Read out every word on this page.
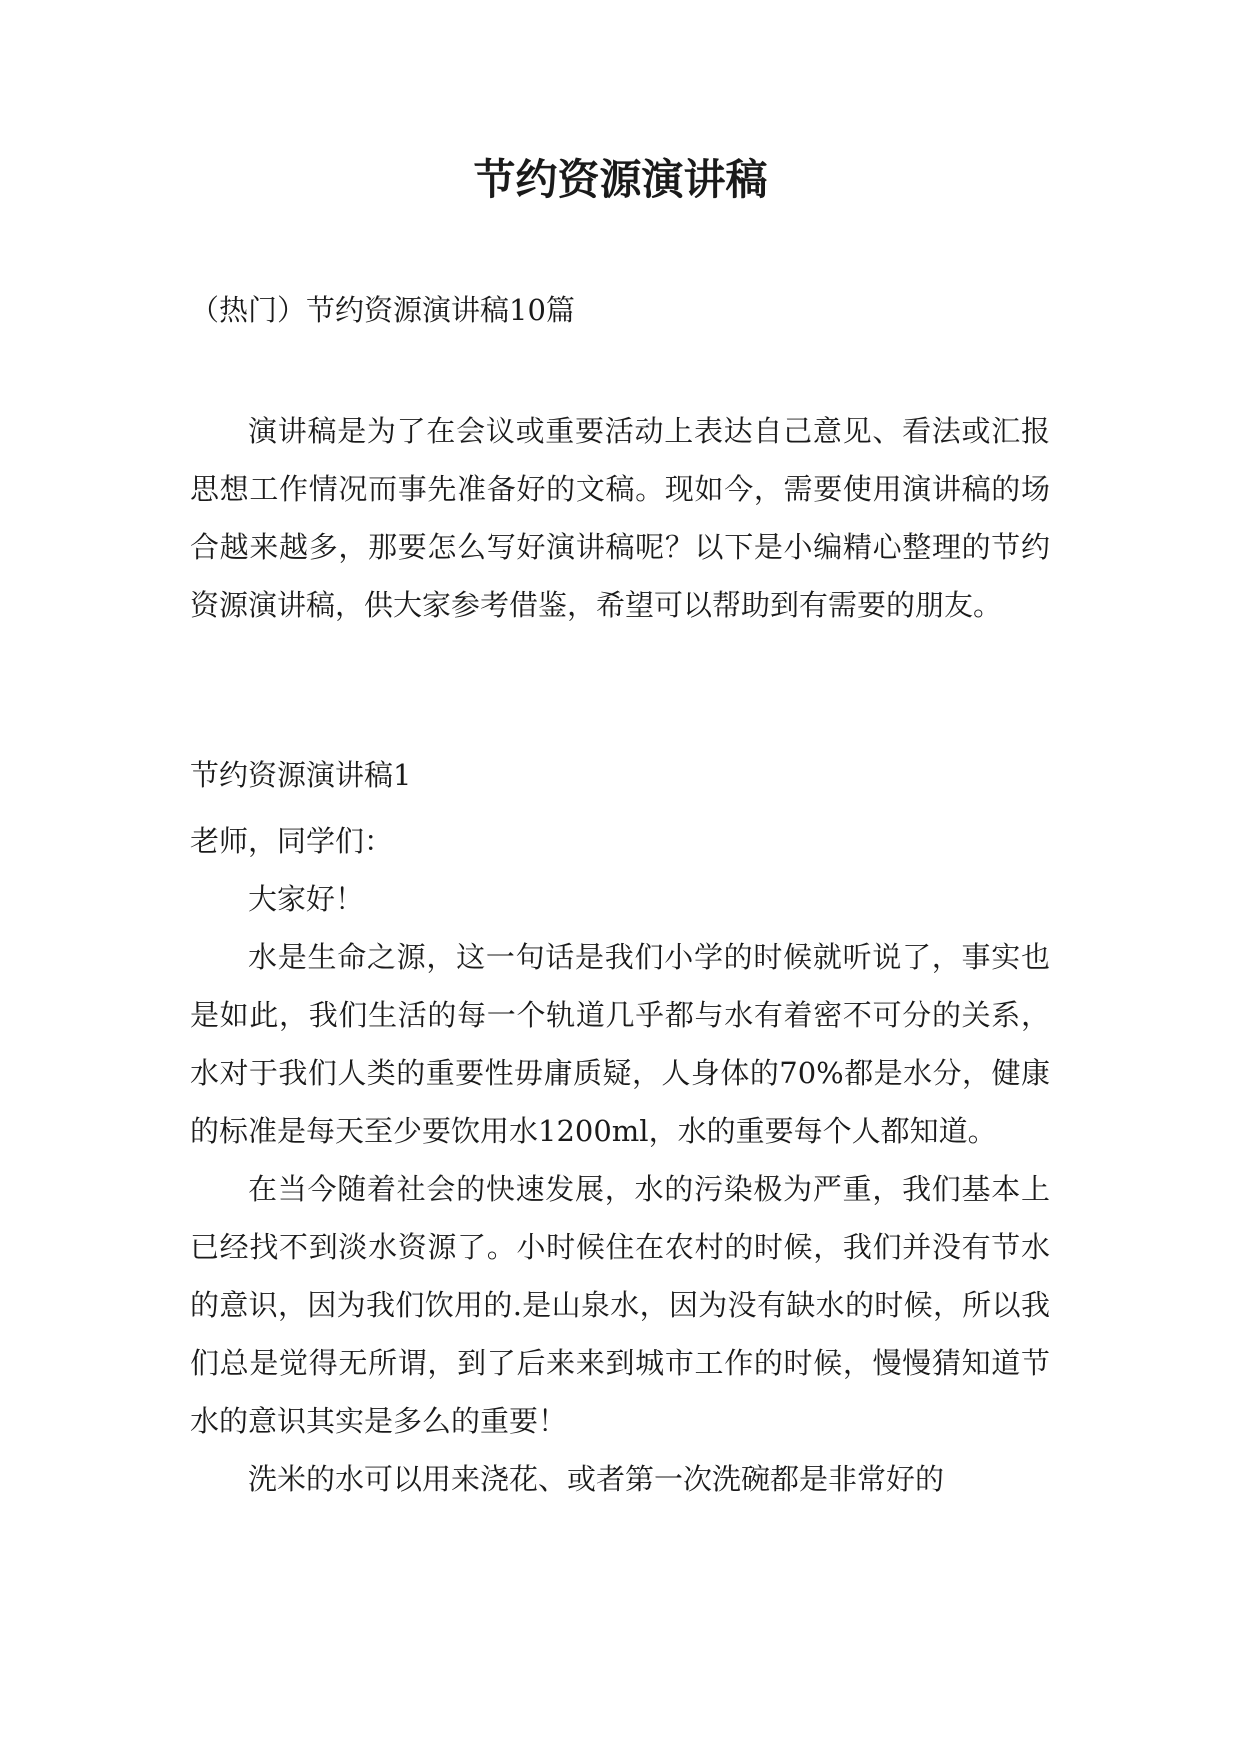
节约资源演讲稿

（热门）节约资源演讲稿10篇

演讲稿是为了在会议或重要活动上表达自己意见、看法或汇报思想工作情况而事先准备好的文稿。现如今，需要使用演讲稿的场合越来越多，那要怎么写好演讲稿呢？以下是小编精心整理的节约资源演讲稿，供大家参考借鉴，希望可以帮助到有需要的朋友。

节约资源演讲稿1

老师，同学们：

大家好！

水是生命之源，这一句话是我们小学的时候就听说了，事实也是如此，我们生活的每一个轨道几乎都与水有着密不可分的关系，水对于我们人类的重要性毋庸质疑，人身体的70%都是水分，健康的标准是每天至少要饮用水1200ml，水的重要每个人都知道。

在当今随着社会的快速发展，水的污染极为严重，我们基本上已经找不到淡水资源了。小时候住在农村的时候，我们并没有节水的意识，因为我们饮用的.是山泉水，因为没有缺水的时候，所以我们总是觉得无所谓，到了后来来到城市工作的时候，慢慢猜知道节水的意识其实是多么的重要！

洗米的水可以用来浇花、或者第一次洗碗都是非常好的
